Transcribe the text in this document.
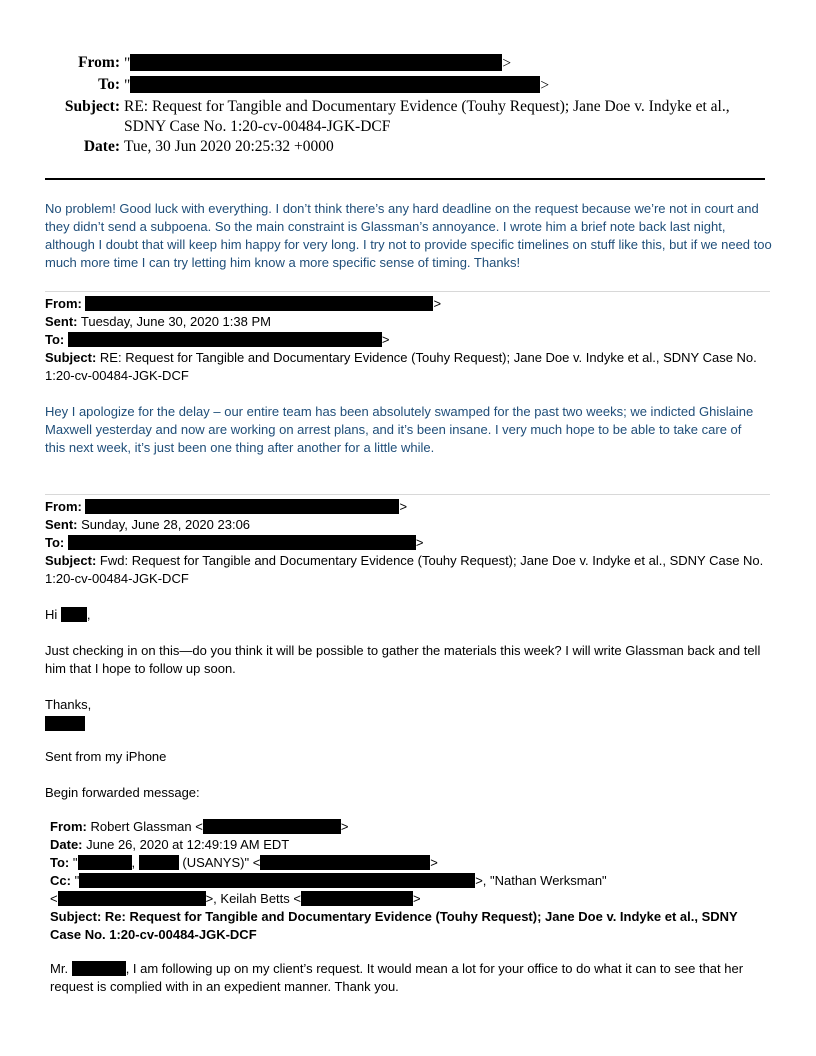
From: "	>
To: "	>
Subject: RE: Request for Tangible and Documentary Evidence (Touhy Request); Jane Doe v. Indyke et al.,
SDNY Case No. 1:20-cv-00484-JGK-DCF
Date: Tue, 30 Jun 2020 20:25:32 +0000
No problem! Good luck with everything. I don’t think there’s any hard deadline on the request because we’re not in court and they didn’t send a subpoena. So the main constraint is Glassman’s annoyance. I wrote him a brief note back last night, although I doubt that will keep him happy for very long. I try not to provide specific timelines on stuff like this, but if we need too much more time I can try letting him know a more specific sense of timing. Thanks!
From:	>
Sent: Tuesday, June 30, 2020 1:38 PM
To:	>
Subject: RE: Request for Tangible and Documentary Evidence (Touhy Request); Jane Doe v. Indyke et al., SDNY Case No. 1:20-cv-00484-JGK-DCF
Hey I apologize for the delay – our entire team has been absolutely swamped for the past two weeks; we indicted Ghislaine Maxwell yesterday and now are working on arrest plans, and it’s been insane. I very much hope to be able to take care of this next week, it’s just been one thing after another for a little while.
From:	>
Sent: Sunday, June 28, 2020 23:06
To:	>
Subject: Fwd: Request for Tangible and Documentary Evidence (Touhy Request); Jane Doe v. Indyke et al., SDNY Case No. 1:20-cv-00484-JGK-DCF
Hi ,
Just checking in on this—do you think it will be possible to gather the materials this week? I will write Glassman back and tell him that I hope to follow up soon.
Thanks,
Sent from my iPhone
Begin forwarded message:
From: Robert Glassman <	>
Date: June 26, 2020 at 12:49:19 AM EDT
To: "	,	(USANYS)" <	>
Cc: "	>, "Nathan Werksman"
<	>, Keilah Betts <	>
Subject: Re: Request for Tangible and Documentary Evidence (Touhy Request); Jane Doe v. Indyke et al., SDNY Case No. 1:20-cv-00484-JGK-DCF
Mr.	, I am following up on my client’s request. It would mean a lot for your office to do what it can to see that her request is complied with in an expedient manner. Thank you.
